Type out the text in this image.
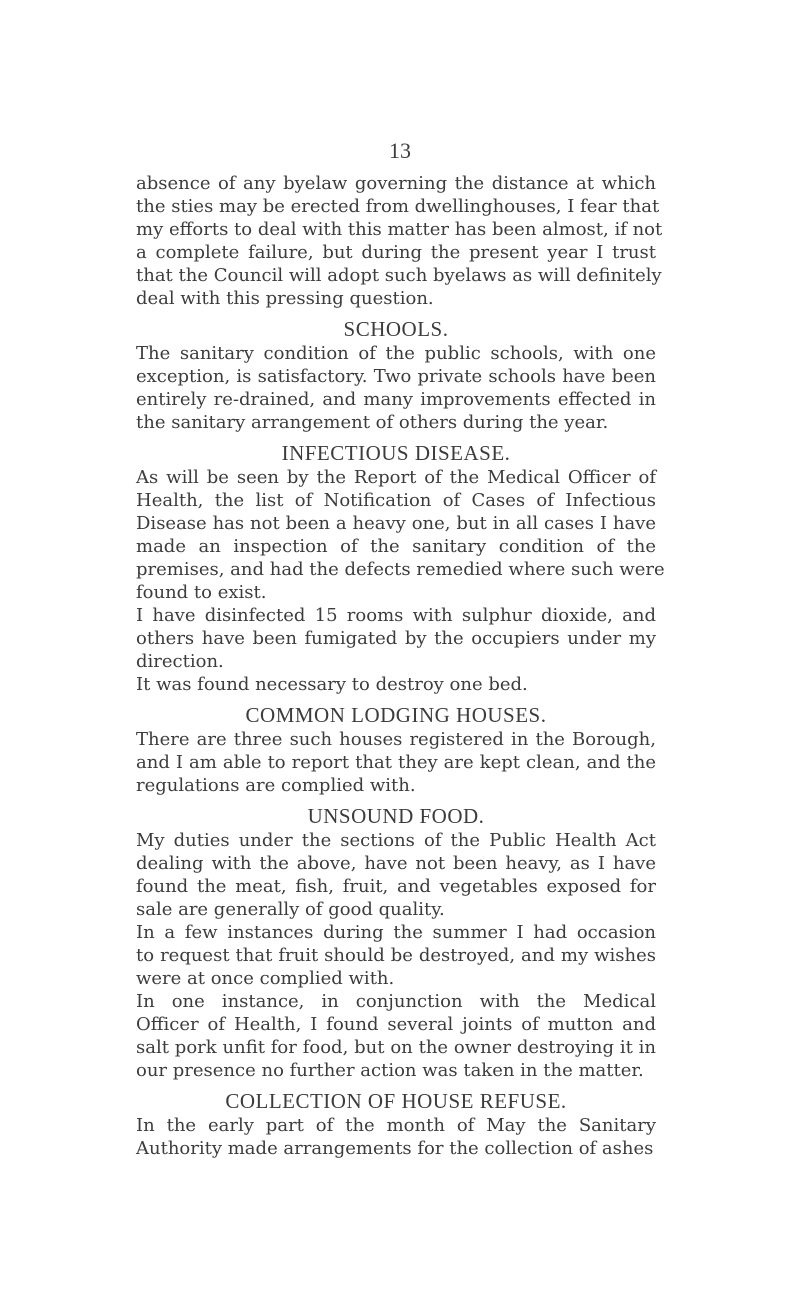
13
absence of any byelaw governing the distance at which
the sties may be erected from dwellinghouses, I fear that
my efforts to deal with this matter has been almost, if not
a complete failure, but during the present year I trust
that the Council will adopt such byelaws as will definitely
deal with this pressing question.
SCHOOLS.
The sanitary condition of the public schools, with one
exception, is satisfactory. Two private schools have been
entirely re-drained, and many improvements effected in
the sanitary arrangement of others during the year.
INFECTIOUS DISEASE.
As will be seen by the Report of the Medical Officer of
Health, the list of Notification of Cases of Infectious
Disease has not been a heavy one, but in all cases I have
made an inspection of the sanitary condition of the
premises, and had the defects remedied where such were
found to exist.
I have disinfected 15 rooms with sulphur dioxide, and
others have been fumigated by the occupiers under my
direction.
It was found necessary to destroy one bed.
COMMON LODGING HOUSES.
There are three such houses registered in the Borough,
and I am able to report that they are kept clean, and the
regulations are complied with.
UNSOUND FOOD.
My duties under the sections of the Public Health Act
dealing with the above, have not been heavy, as I have
found the meat, fish, fruit, and vegetables exposed for
sale are generally of good quality.
In a few instances during the summer I had occasion
to request that fruit should be destroyed, and my wishes
were at once complied with.
In one instance, in conjunction with the Medical
Officer of Health, I found several joints of mutton and
salt pork unfit for food, but on the owner destroying it in
our presence no further action was taken in the matter.
COLLECTION OF HOUSE REFUSE.
In the early part of the month of May the Sanitary
Authority made arrangements for the collection of ashes
